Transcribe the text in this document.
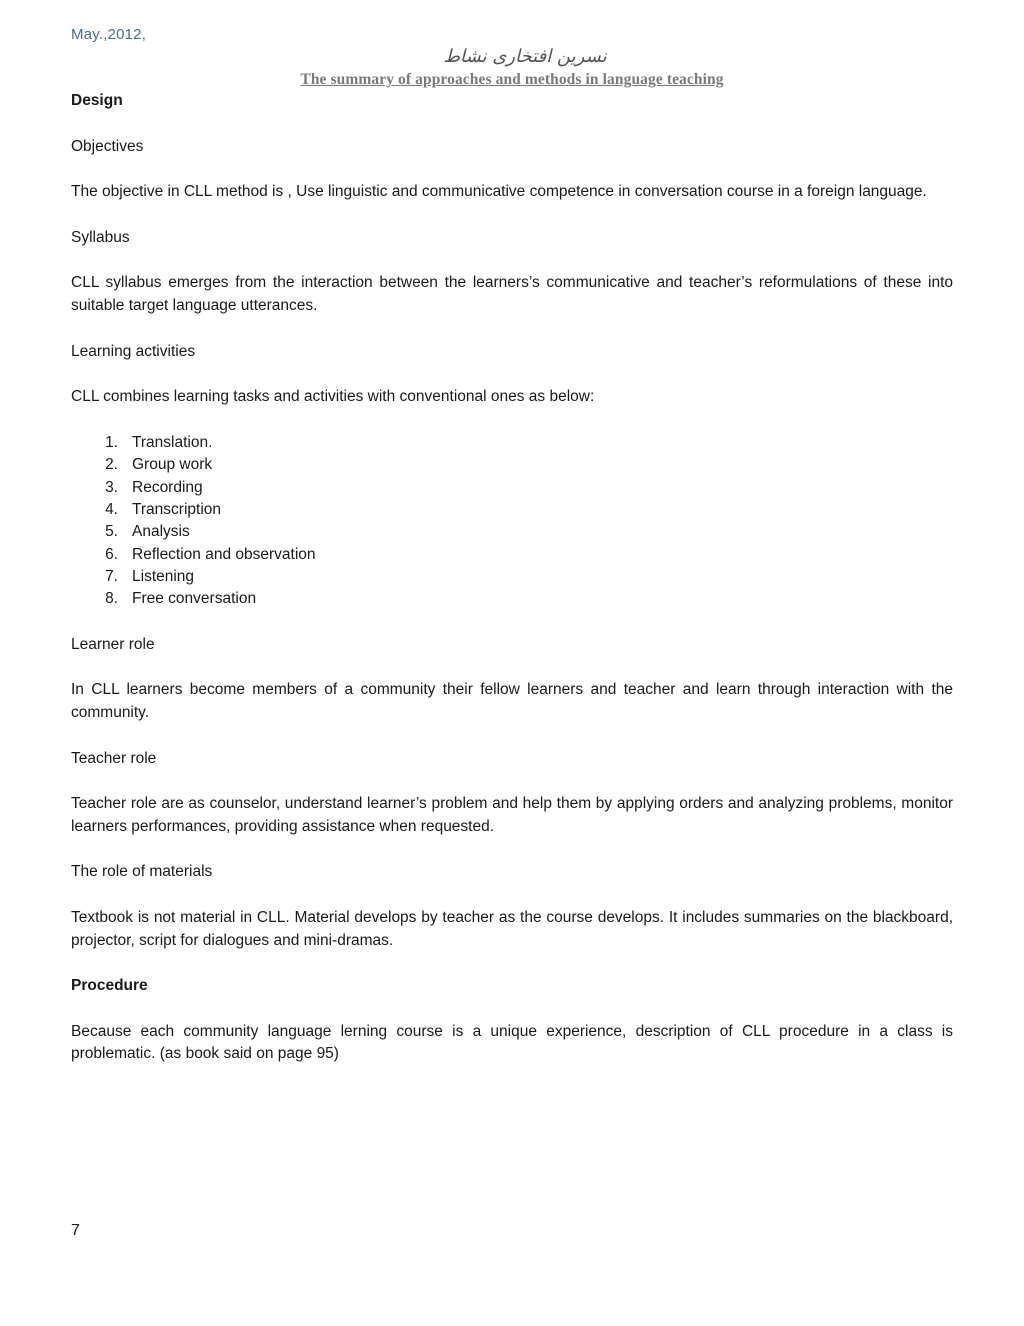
May.,2012,
نسرین افتخاری نشاط
The summary of approaches and methods in language teaching

Design

Objectives

The objective in CLL method is , Use linguistic and communicative competence in conversation course in a foreign language.

Syllabus

CLL syllabus emerges from the interaction between the learners’s communicative and teacher’s reformulations of these into suitable target language utterances.

Learning activities

CLL combines learning tasks and activities with conventional ones as below:

1. Translation.
2. Group work
3. Recording
4. Transcription
5. Analysis
6. Reflection and observation
7. Listening
8. Free conversation

Learner role

In CLL learners become members of a community their fellow learners and teacher and learn through interaction with the community.

Teacher role

Teacher role are as counselor, understand learner’s problem and help them by applying orders and analyzing problems, monitor learners performances, providing assistance when requested.

The role of materials

Textbook is not material in CLL. Material develops by teacher as the course develops. It includes summaries on the blackboard, projector, script for dialogues and mini-dramas.

Procedure

Because each community language lerning course is a unique experience, description of CLL procedure in a class is problematic. (as book said on page 95)

7
